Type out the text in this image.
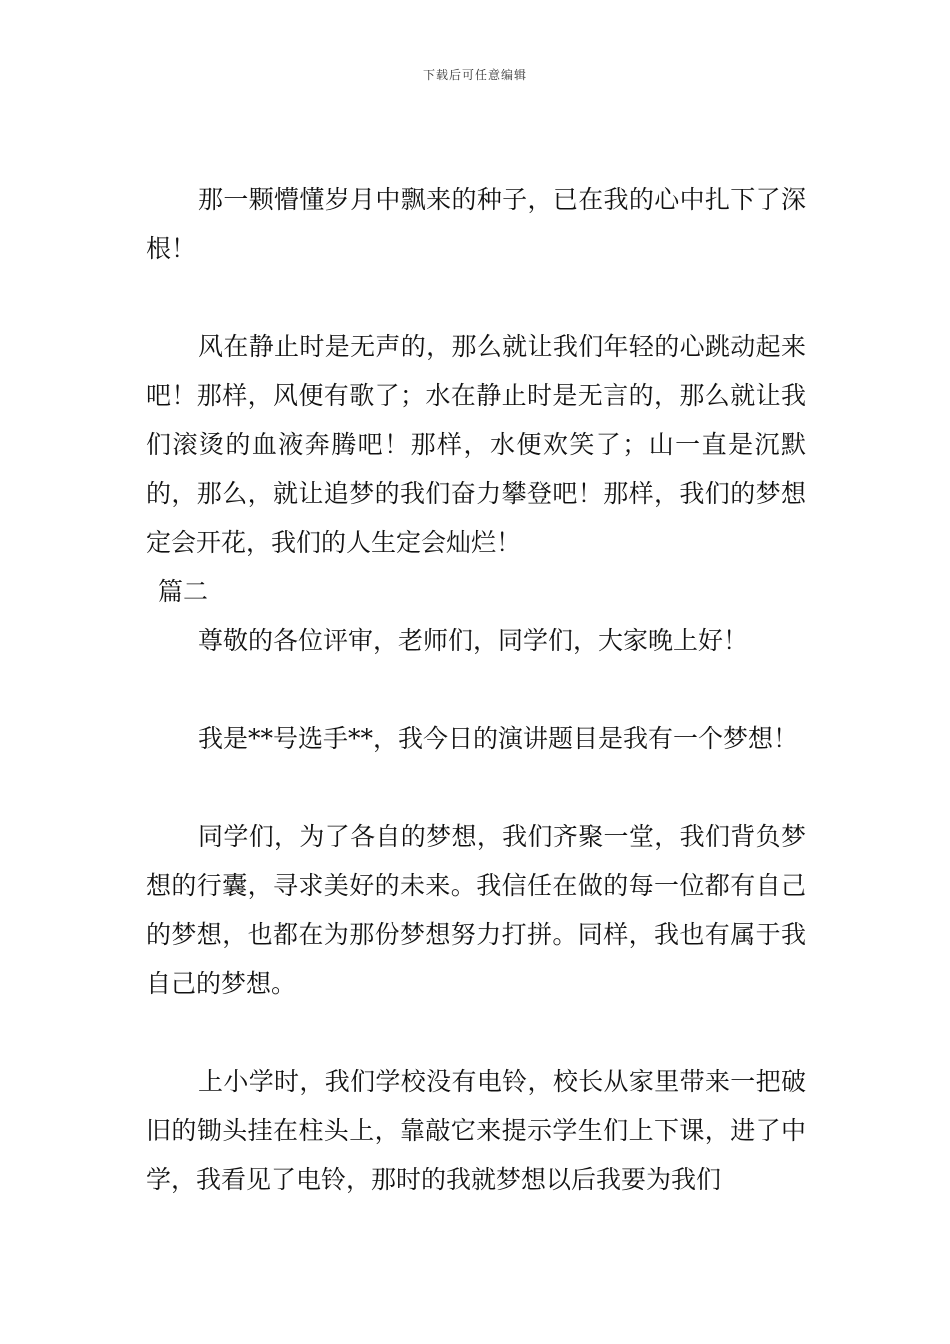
下载后可任意编辑

那一颗懵懂岁月中飘来的种子，已在我的心中扎下了深根！

风在静止时是无声的，那么就让我们年轻的心跳动起来吧！那样，风便有歌了；水在静止时是无言的，那么就让我们滚烫的血液奔腾吧！那样，水便欢笑了；山一直是沉默的，那么，就让追梦的我们奋力攀登吧！那样，我们的梦想定会开花，我们的人生定会灿烂！

篇二

尊敬的各位评审，老师们，同学们，大家晚上好！

我是**号选手**，我今日的演讲题目是我有一个梦想！

同学们，为了各自的梦想，我们齐聚一堂，我们背负梦想的行囊，寻求美好的未来。我信任在做的每一位都有自己的梦想，也都在为那份梦想努力打拼。同样，我也有属于我自己的梦想。

上小学时，我们学校没有电铃，校长从家里带来一把破旧的锄头挂在柱头上，靠敲它来提示学生们上下课，进了中学，我看见了电铃，那时的我就梦想以后我要为我们
